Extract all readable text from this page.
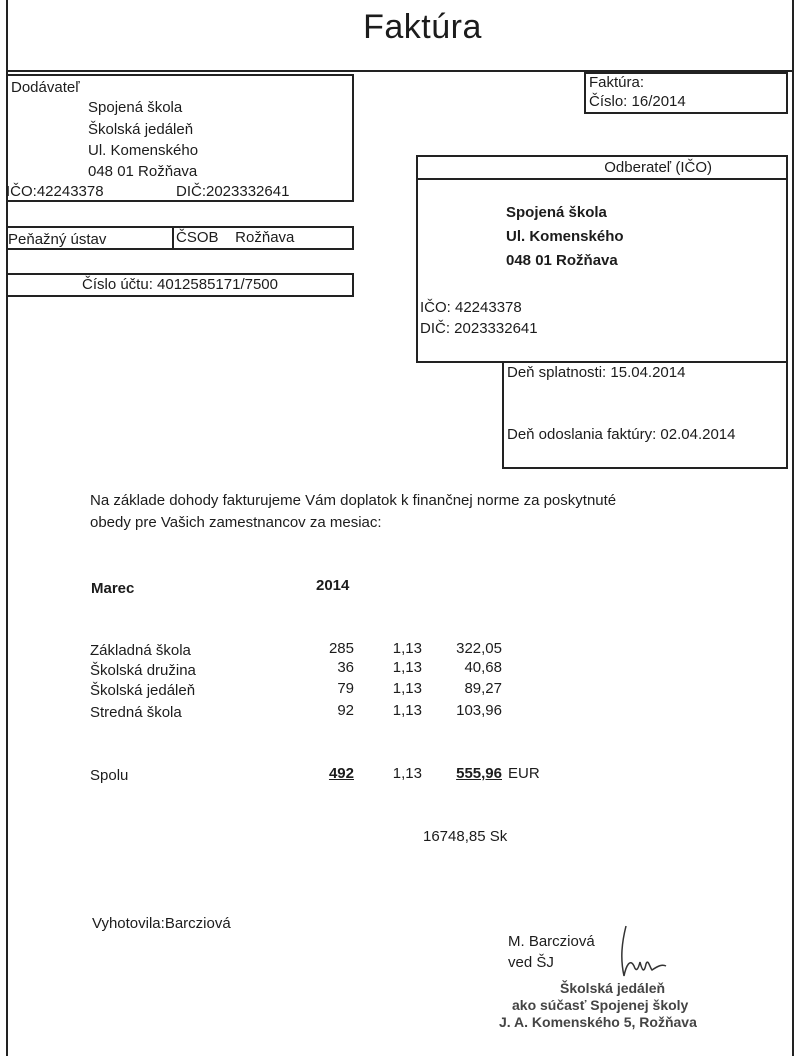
Faktúra
Faktúra:
Číslo: 16/2014
Dodávateľ
Spojená škola
Školská jedáleň
Ul. Komenského
048 01 Rožňava
IČO:42243378	DIČ:2023332641
Peňažný ústav	ČSOB    Rožňava
Číslo účtu: 4012585171/7500
Odberateľ (IČO)
Spojená škola
Ul. Komenského
048 01 Rožňava
IČO: 42243378
DIČ: 2023332641
Deň splatnosti: 15.04.2014
Deň odoslania faktúry: 02.04.2014
Na základe dohody fakturujeme Vám doplatok k finančnej norme za poskytnuté
obedy pre Vašich zamestnancov za mesiac:
Marec	2014
Základná škola	285	1,13	322,05
Školská družina	36	1,13	40,68
Školská jedáleň	79	1,13	89,27
Stredná škola	92	1,13	103,96
Spolu	492	1,13	555,96 EUR
16748,85 Sk
Vyhotovila:Barcziová
M. Barcziová
ved ŠJ
Školská jedáleň
ako súčasť Spojenej školy
J. A. Komenského 5, Rožňava
